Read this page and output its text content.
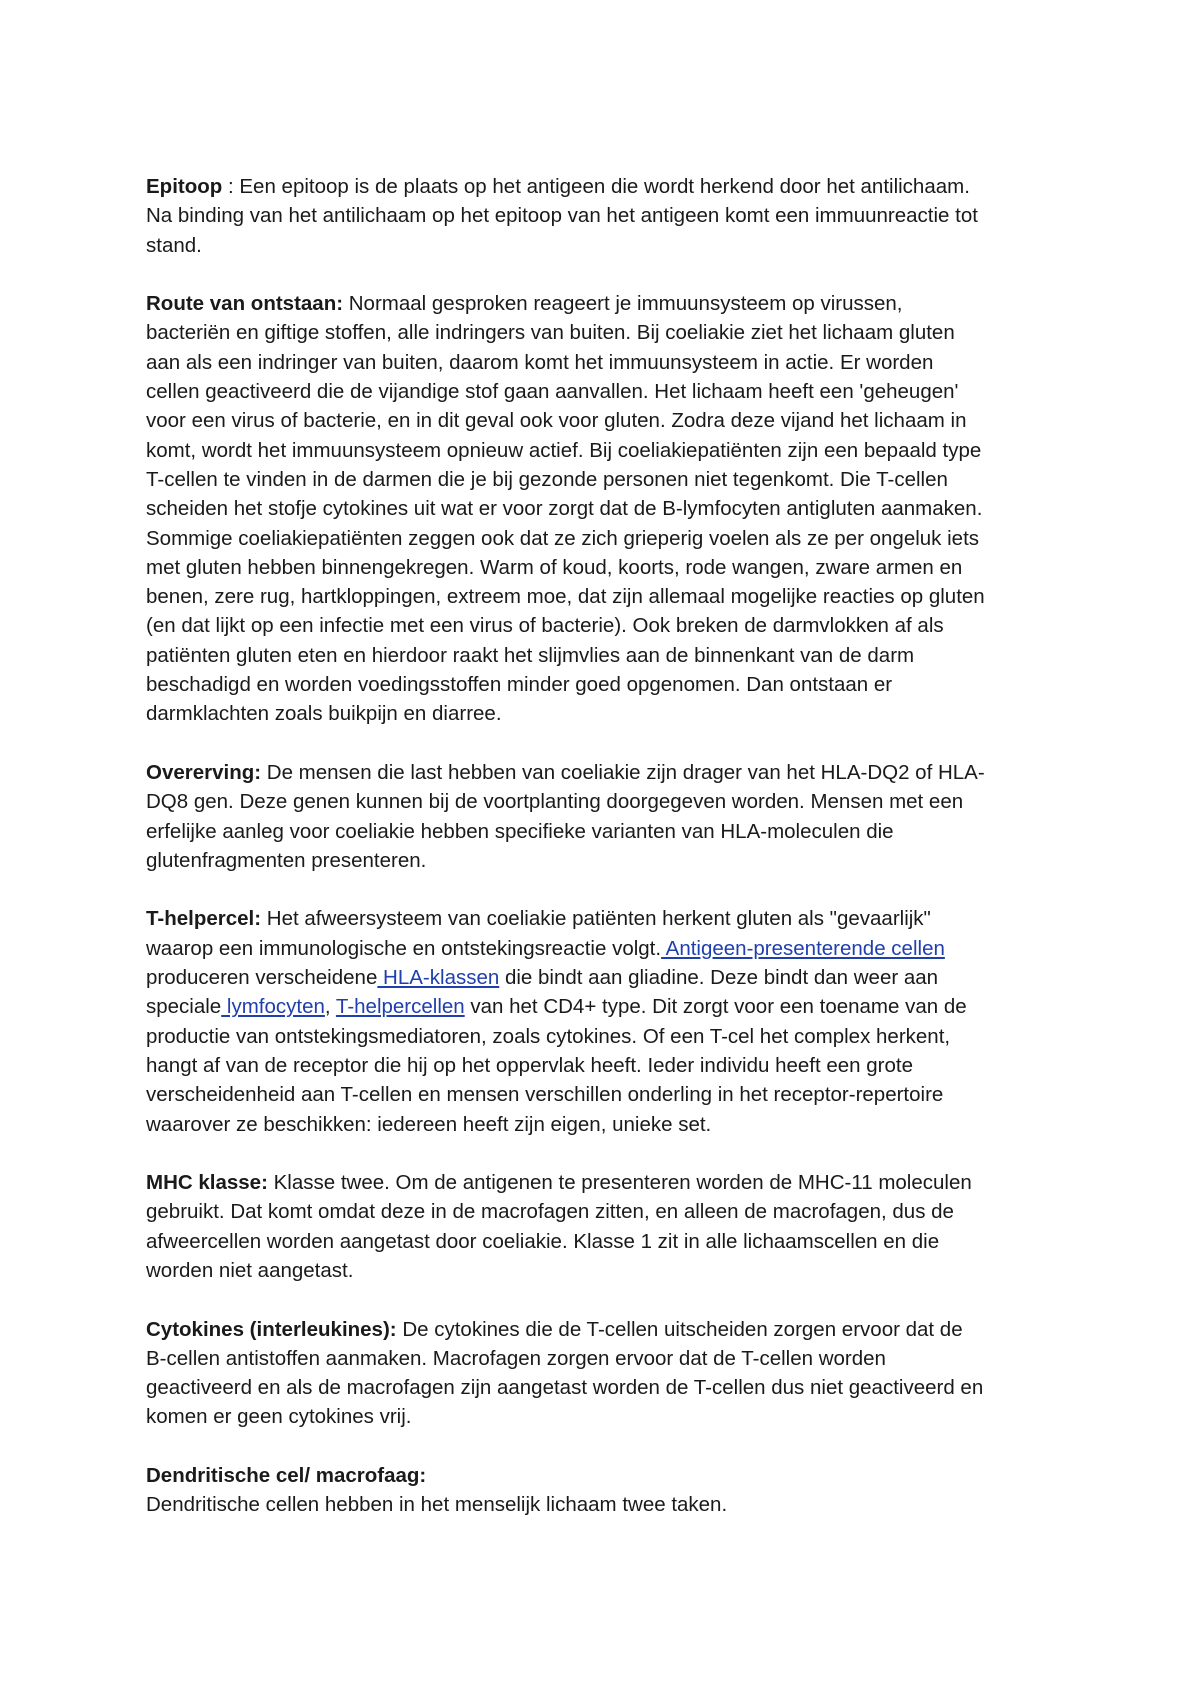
Epitoop : Een epitoop is de plaats op het antigeen die wordt herkend door het antilichaam.
Na binding van het antilichaam op het epitoop van het antigeen komt een immuunreactie tot
stand.

Route van ontstaan: Normaal gesproken reageert je immuunsysteem op virussen,
bacteriën en giftige stoffen, alle indringers van buiten. Bij coeliakie ziet het lichaam gluten
aan als een indringer van buiten, daarom komt het immuunsysteem in actie. Er worden
cellen geactiveerd die de vijandige stof gaan aanvallen. Het lichaam heeft een 'geheugen'
voor een virus of bacterie, en in dit geval ook voor gluten. Zodra deze vijand het lichaam in
komt, wordt het immuunsysteem opnieuw actief. Bij coeliakiepatiënten zijn een bepaald type
T-cellen te vinden in de darmen die je bij gezonde personen niet tegenkomt. Die T-cellen
scheiden het stofje cytokines uit wat er voor zorgt dat de B-lymfocyten antigluten aanmaken.
Sommige coeliakiepatiënten zeggen ook dat ze zich grieperig voelen als ze per ongeluk iets
met gluten hebben binnengekregen. Warm of koud, koorts, rode wangen, zware armen en
benen, zere rug, hartkloppingen, extreem moe, dat zijn allemaal mogelijke reacties op gluten
(en dat lijkt op een infectie met een virus of bacterie). Ook breken de darmvlokken af als
patiënten gluten eten en hierdoor raakt het slijmvlies aan de binnenkant van de darm
beschadigd en worden voedingsstoffen minder goed opgenomen. Dan ontstaan er
darmklachten zoals buikpijn en diarree.

Overerving: De mensen die last hebben van coeliakie zijn drager van het HLA-DQ2 of HLA-
DQ8 gen. Deze genen kunnen bij de voortplanting doorgegeven worden. Mensen met een
erfelijke aanleg voor coeliakie hebben specifieke varianten van HLA-moleculen die
glutenfragmenten presenteren.

T-helpercel: Het afweersysteem van coeliakie patiënten herkent gluten als "gevaarlijk"
waarop een immunologische en ontstekingsreactie volgt. Antigeen-presenterende cellen
produceren verscheidene HLA-klassen die bindt aan gliadine. Deze bindt dan weer aan
speciale lymfocyten, T-helpercellen van het CD4+ type. Dit zorgt voor een toename van de
productie van ontstekingsmediatoren, zoals cytokines. Of een T-cel het complex herkent,
hangt af van de receptor die hij op het oppervlak heeft. Ieder individu heeft een grote
verscheidenheid aan T-cellen en mensen verschillen onderling in het receptor-repertoire
waarover ze beschikken: iedereen heeft zijn eigen, unieke set.

MHC klasse: Klasse twee. Om de antigenen te presenteren worden de MHC-11 moleculen
gebruikt. Dat komt omdat deze in de macrofagen zitten, en alleen de macrofagen, dus de
afweercellen worden aangetast door coeliakie. Klasse 1 zit in alle lichaamscellen en die
worden niet aangetast.

Cytokines (interleukines): De cytokines die de T-cellen uitscheiden zorgen ervoor dat de
B-cellen antistoffen aanmaken. Macrofagen zorgen ervoor dat de T-cellen worden
geactiveerd en als de macrofagen zijn aangetast worden de T-cellen dus niet geactiveerd en
komen er geen cytokines vrij.

Dendritische cel/ macrofaag:
Dendritische cellen hebben in het menselijk lichaam twee taken.
